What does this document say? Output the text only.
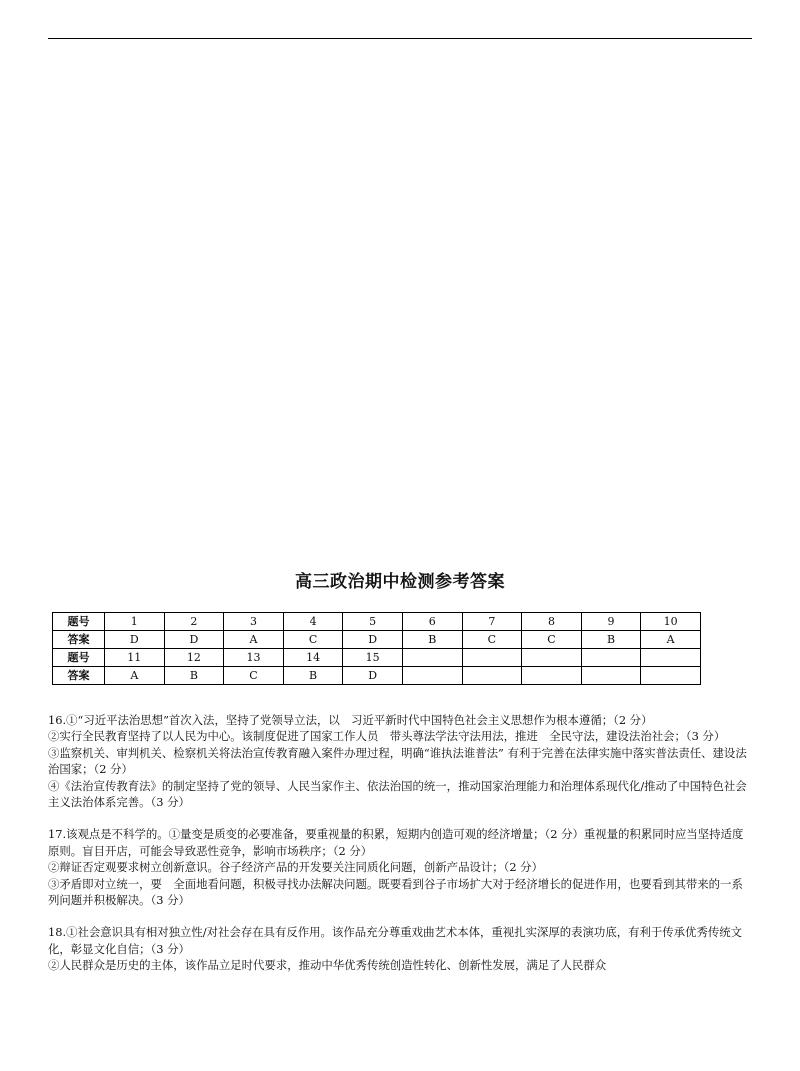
高三政治期中检测参考答案
题号	1	2	3	4	5	6	7	8	9	10
答案	D	D	A	C	D	B	C	C	B	A
题号	11	12	13	14	15					
答案	A	B	C	B	D					

16.①“习近平法治思想”首次入法，坚持了党领导立法，以　习近平新时代中国特色社会主义思想作为根本遵循；（2 分）

②实行全民教育坚持了以人民为中心。该制度促进了国家工作人员　带头尊法学法守法用法，推进　全民守法，建设法治社会；（3 分）

③监察机关、审判机关、检察机关将法治宣传教育融入案件办理过程，明确“谁执法谁普法” 有利于完善在法律实施中落实普法责任、建设法治国家；（2 分）

④《法治宣传教育法》的制定坚持了党的领导、人民当家作主、依法治国的统一，推动国家治理能力和治理体系现代化/推动了中国特色社会主义法治体系完善。（3 分）

17.该观点是不科学的。①量变是质变的必要准备，要重视量的积累，短期内创造可观的经济增量；（2 分）重视量的积累同时应当坚持适度原则。盲目开店，可能会导致恶性竞争，影响市场秩序；（2 分）

②辩证否定观要求树立创新意识。谷子经济产品的开发要关注同质化问题，创新产品设计；（2 分）

③矛盾即对立统一，要　全面地看问题，积极寻找办法解决问题。既要看到谷子市场扩大对于经济增长的促进作用，也要看到其带来的一系列问题并积极解决。（3 分）

18.①社会意识具有相对独立性/对社会存在具有反作用。该作品充分尊重戏曲艺术本体，重视扎实深厚的表演功底，有利于传承优秀传统文化，彰显文化自信；（3 分）

②人民群众是历史的主体，该作品立足时代要求，推动中华优秀传统创造性转化、创新性发展，满足了人民群众
